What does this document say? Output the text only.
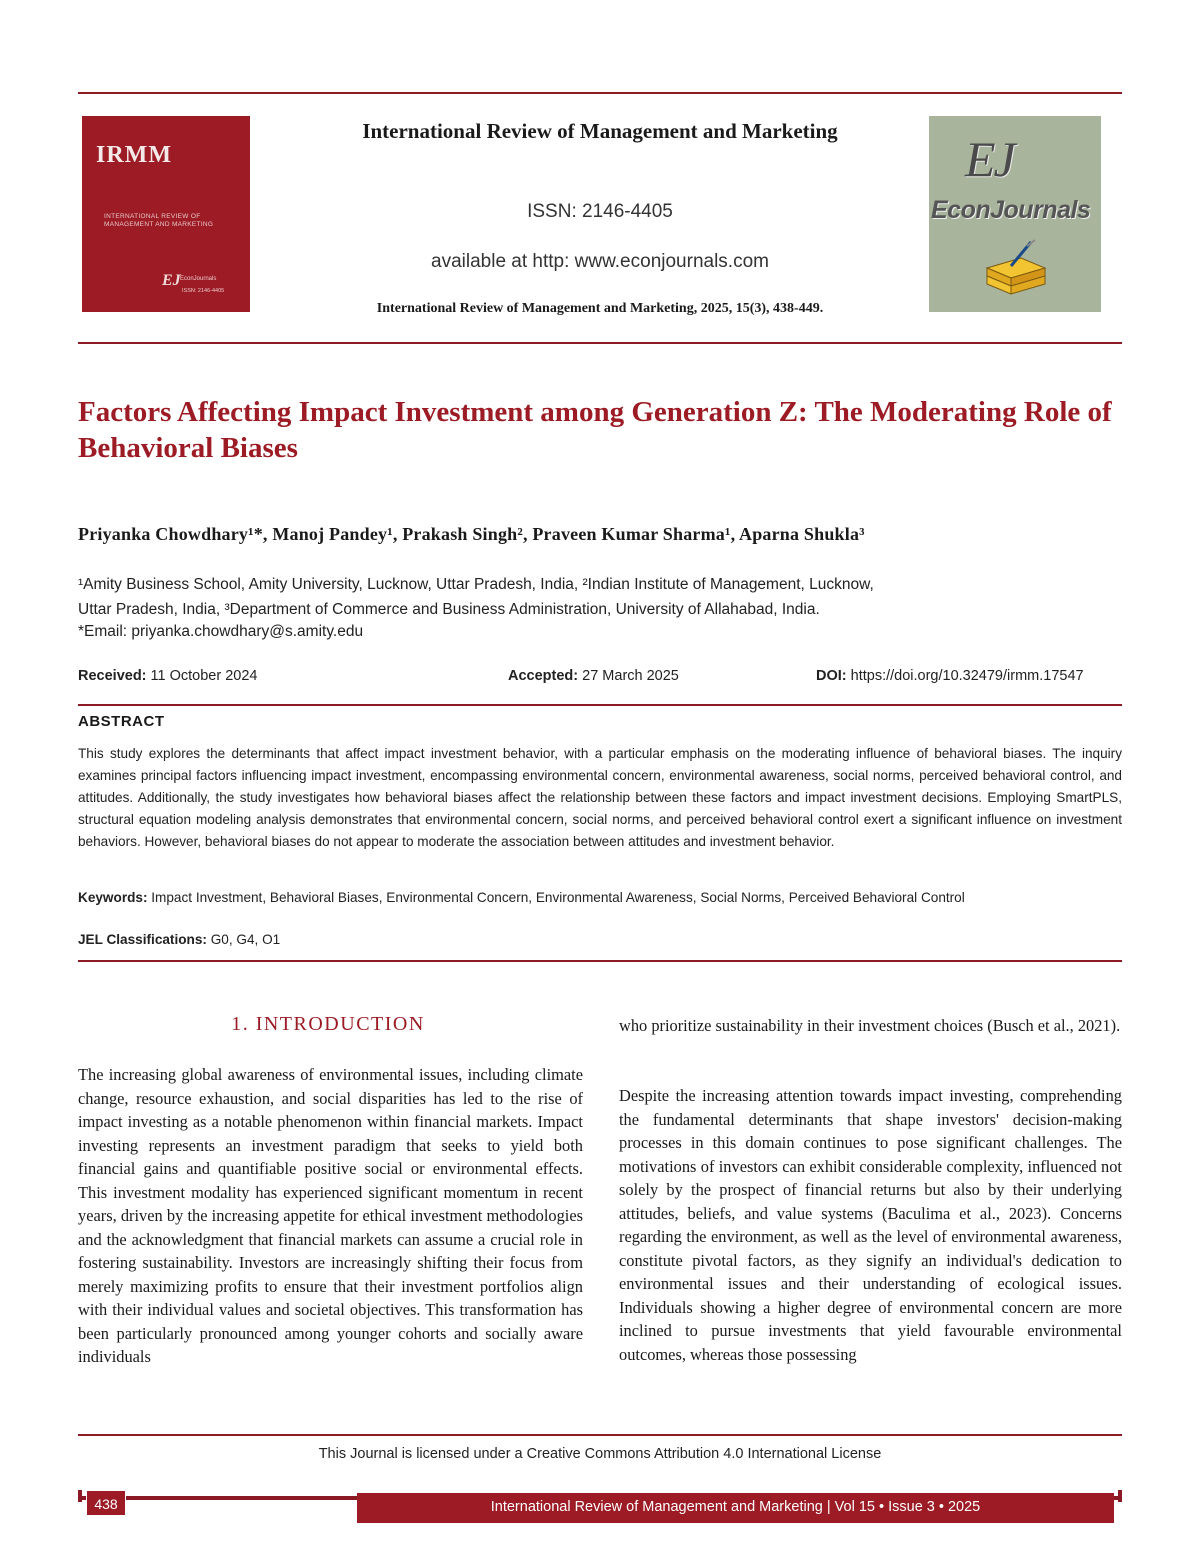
IRMM
INTERNATIONAL REVIEW OF MANAGEMENT AND MARKETING
EJ EconJournals
ISSN: 2146-4405
International Review of Management and Marketing
ISSN: 2146-4405
available at http: www.econjournals.com
International Review of Management and Marketing, 2025, 15(3), 438-449.
EJ
EconJournals
Factors Affecting Impact Investment among Generation Z: The Moderating Role of Behavioral Biases
Priyanka Chowdhary¹*, Manoj Pandey¹, Prakash Singh², Praveen Kumar Sharma¹, Aparna Shukla³
¹Amity Business School, Amity University, Lucknow, Uttar Pradesh, India, ²Indian Institute of Management, Lucknow,
Uttar Pradesh, India, ³Department of Commerce and Business Administration, University of Allahabad, India.
*Email: priyanka.chowdhary@s.amity.edu
Received: 11 October 2024	Accepted: 27 March 2025	DOI: https://doi.org/10.32479/irmm.17547
ABSTRACT
This study explores the determinants that affect impact investment behavior, with a particular emphasis on the moderating influence of behavioral biases. The inquiry examines principal factors influencing impact investment, encompassing environmental concern, environmental awareness, social norms, perceived behavioral control, and attitudes. Additionally, the study investigates how behavioral biases affect the relationship between these factors and impact investment decisions. Employing SmartPLS, structural equation modeling analysis demonstrates that environmental concern, social norms, and perceived behavioral control exert a significant influence on investment behaviors. However, behavioral biases do not appear to moderate the association between attitudes and investment behavior.
Keywords: Impact Investment, Behavioral Biases, Environmental Concern, Environmental Awareness, Social Norms, Perceived Behavioral Control
JEL Classifications: G0, G4, O1
1. INTRODUCTION
The increasing global awareness of environmental issues, including climate change, resource exhaustion, and social disparities has led to the rise of impact investing as a notable phenomenon within financial markets. Impact investing represents an investment paradigm that seeks to yield both financial gains and quantifiable positive social or environmental effects. This investment modality has experienced significant momentum in recent years, driven by the increasing appetite for ethical investment methodologies and the acknowledgment that financial markets can assume a crucial role in fostering sustainability. Investors are increasingly shifting their focus from merely maximizing profits to ensure that their investment portfolios align with their individual values and societal objectives. This transformation has been particularly pronounced among younger cohorts and socially aware individuals
who prioritize sustainability in their investment choices (Busch et al., 2021).
Despite the increasing attention towards impact investing, comprehending the fundamental determinants that shape investors' decision-making processes in this domain continues to pose significant challenges. The motivations of investors can exhibit considerable complexity, influenced not solely by the prospect of financial returns but also by their underlying attitudes, beliefs, and value systems (Baculima et al., 2023). Concerns regarding the environment, as well as the level of environmental awareness, constitute pivotal factors, as they signify an individual's dedication to environmental issues and their understanding of ecological issues. Individuals showing a higher degree of environmental concern are more inclined to pursue investments that yield favourable environmental outcomes, whereas those possessing
This Journal is licensed under a Creative Commons Attribution 4.0 International License
438	International Review of Management and Marketing | Vol 15 • Issue 3 • 2025
